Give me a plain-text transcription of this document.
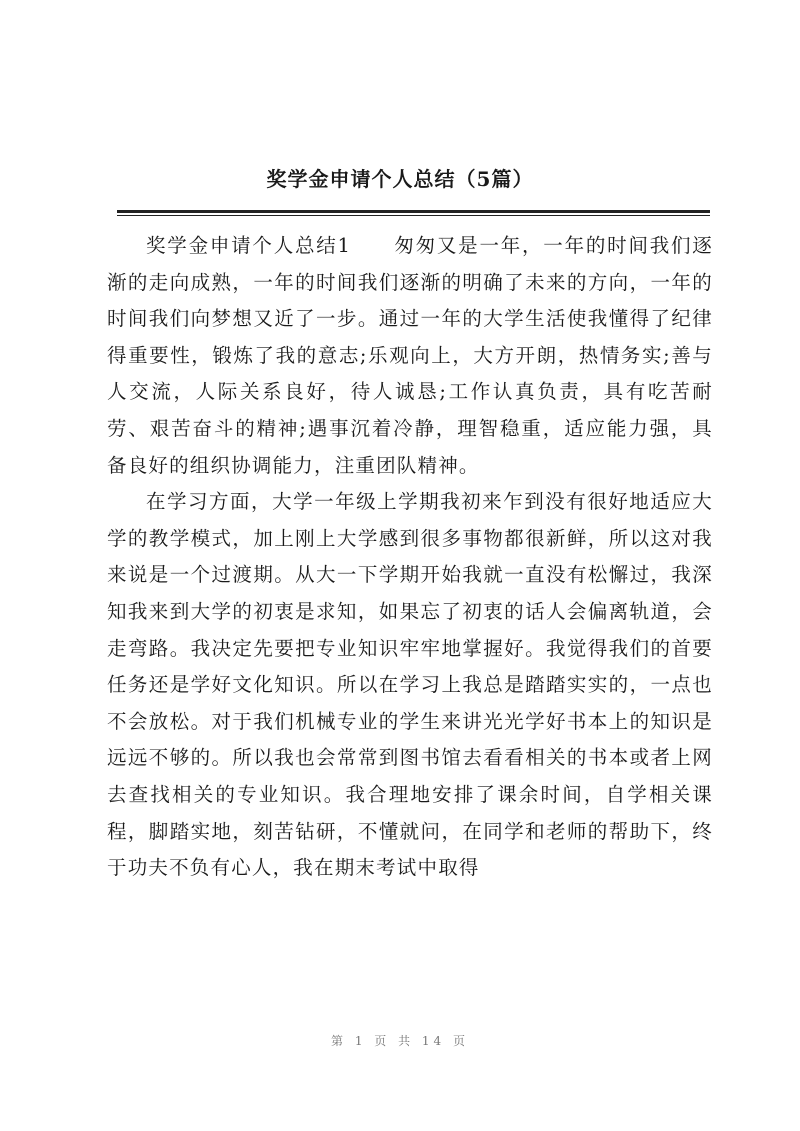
奖学金申请个人总结（5篇）

奖学金申请个人总结1　　匆匆又是一年，一年的时间我们逐渐的走向成熟，一年的时间我们逐渐的明确了未来的方向，一年的时间我们向梦想又近了一步。通过一年的大学生活使我懂得了纪律得重要性，锻炼了我的意志;乐观向上，大方开朗，热情务实;善与人交流，人际关系良好，待人诚恳;工作认真负责，具有吃苦耐劳、艰苦奋斗的精神;遇事沉着冷静，理智稳重，适应能力强，具备良好的组织协调能力，注重团队精神。

在学习方面，大学一年级上学期我初来乍到没有很好地适应大学的教学模式，加上刚上大学感到很多事物都很新鲜，所以这对我来说是一个过渡期。从大一下学期开始我就一直没有松懈过，我深知我来到大学的初衷是求知，如果忘了初衷的话人会偏离轨道，会走弯路。我决定先要把专业知识牢牢地掌握好。我觉得我们的首要任务还是学好文化知识。所以在学习上我总是踏踏实实的，一点也不会放松。对于我们机械专业的学生来讲光光学好书本上的知识是远远不够的。所以我也会常常到图书馆去看看相关的书本或者上网去查找相关的专业知识。我合理地安排了课余时间，自学相关课程，脚踏实地，刻苦钻研，不懂就问，在同学和老师的帮助下，终于功夫不负有心人，我在期末考试中取得

第 1 页 共 14 页
